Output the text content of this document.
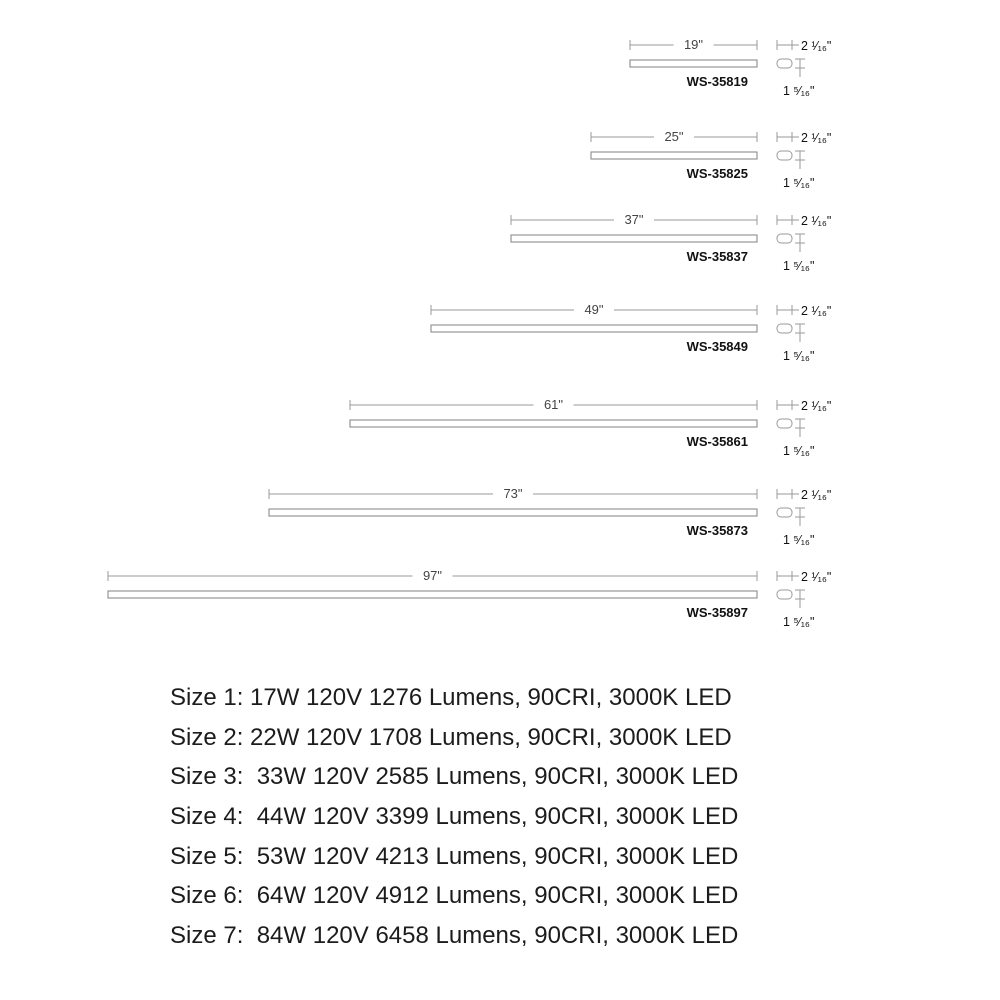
19"
WS-35819
2 ¹⁄₁₆"
1 ⁵⁄₁₆"
25"
WS-35825
2 ¹⁄₁₆"
1 ⁵⁄₁₆"
37"
WS-35837
2 ¹⁄₁₆"
1 ⁵⁄₁₆"
49"
WS-35849
2 ¹⁄₁₆"
1 ⁵⁄₁₆"
61"
WS-35861
2 ¹⁄₁₆"
1 ⁵⁄₁₆"
73"
WS-35873
2 ¹⁄₁₆"
1 ⁵⁄₁₆"
97"
WS-35897
2 ¹⁄₁₆"
1 ⁵⁄₁₆"
Size 1: 17W 120V 1276 Lumens, 90CRI, 3000K LED
Size 2: 22W 120V 1708 Lumens, 90CRI, 3000K LED
Size 3:  33W 120V 2585 Lumens, 90CRI, 3000K LED
Size 4:  44W 120V 3399 Lumens, 90CRI, 3000K LED
Size 5:  53W 120V 4213 Lumens, 90CRI, 3000K LED
Size 6:  64W 120V 4912 Lumens, 90CRI, 3000K LED
Size 7:  84W 120V 6458 Lumens, 90CRI, 3000K LED
